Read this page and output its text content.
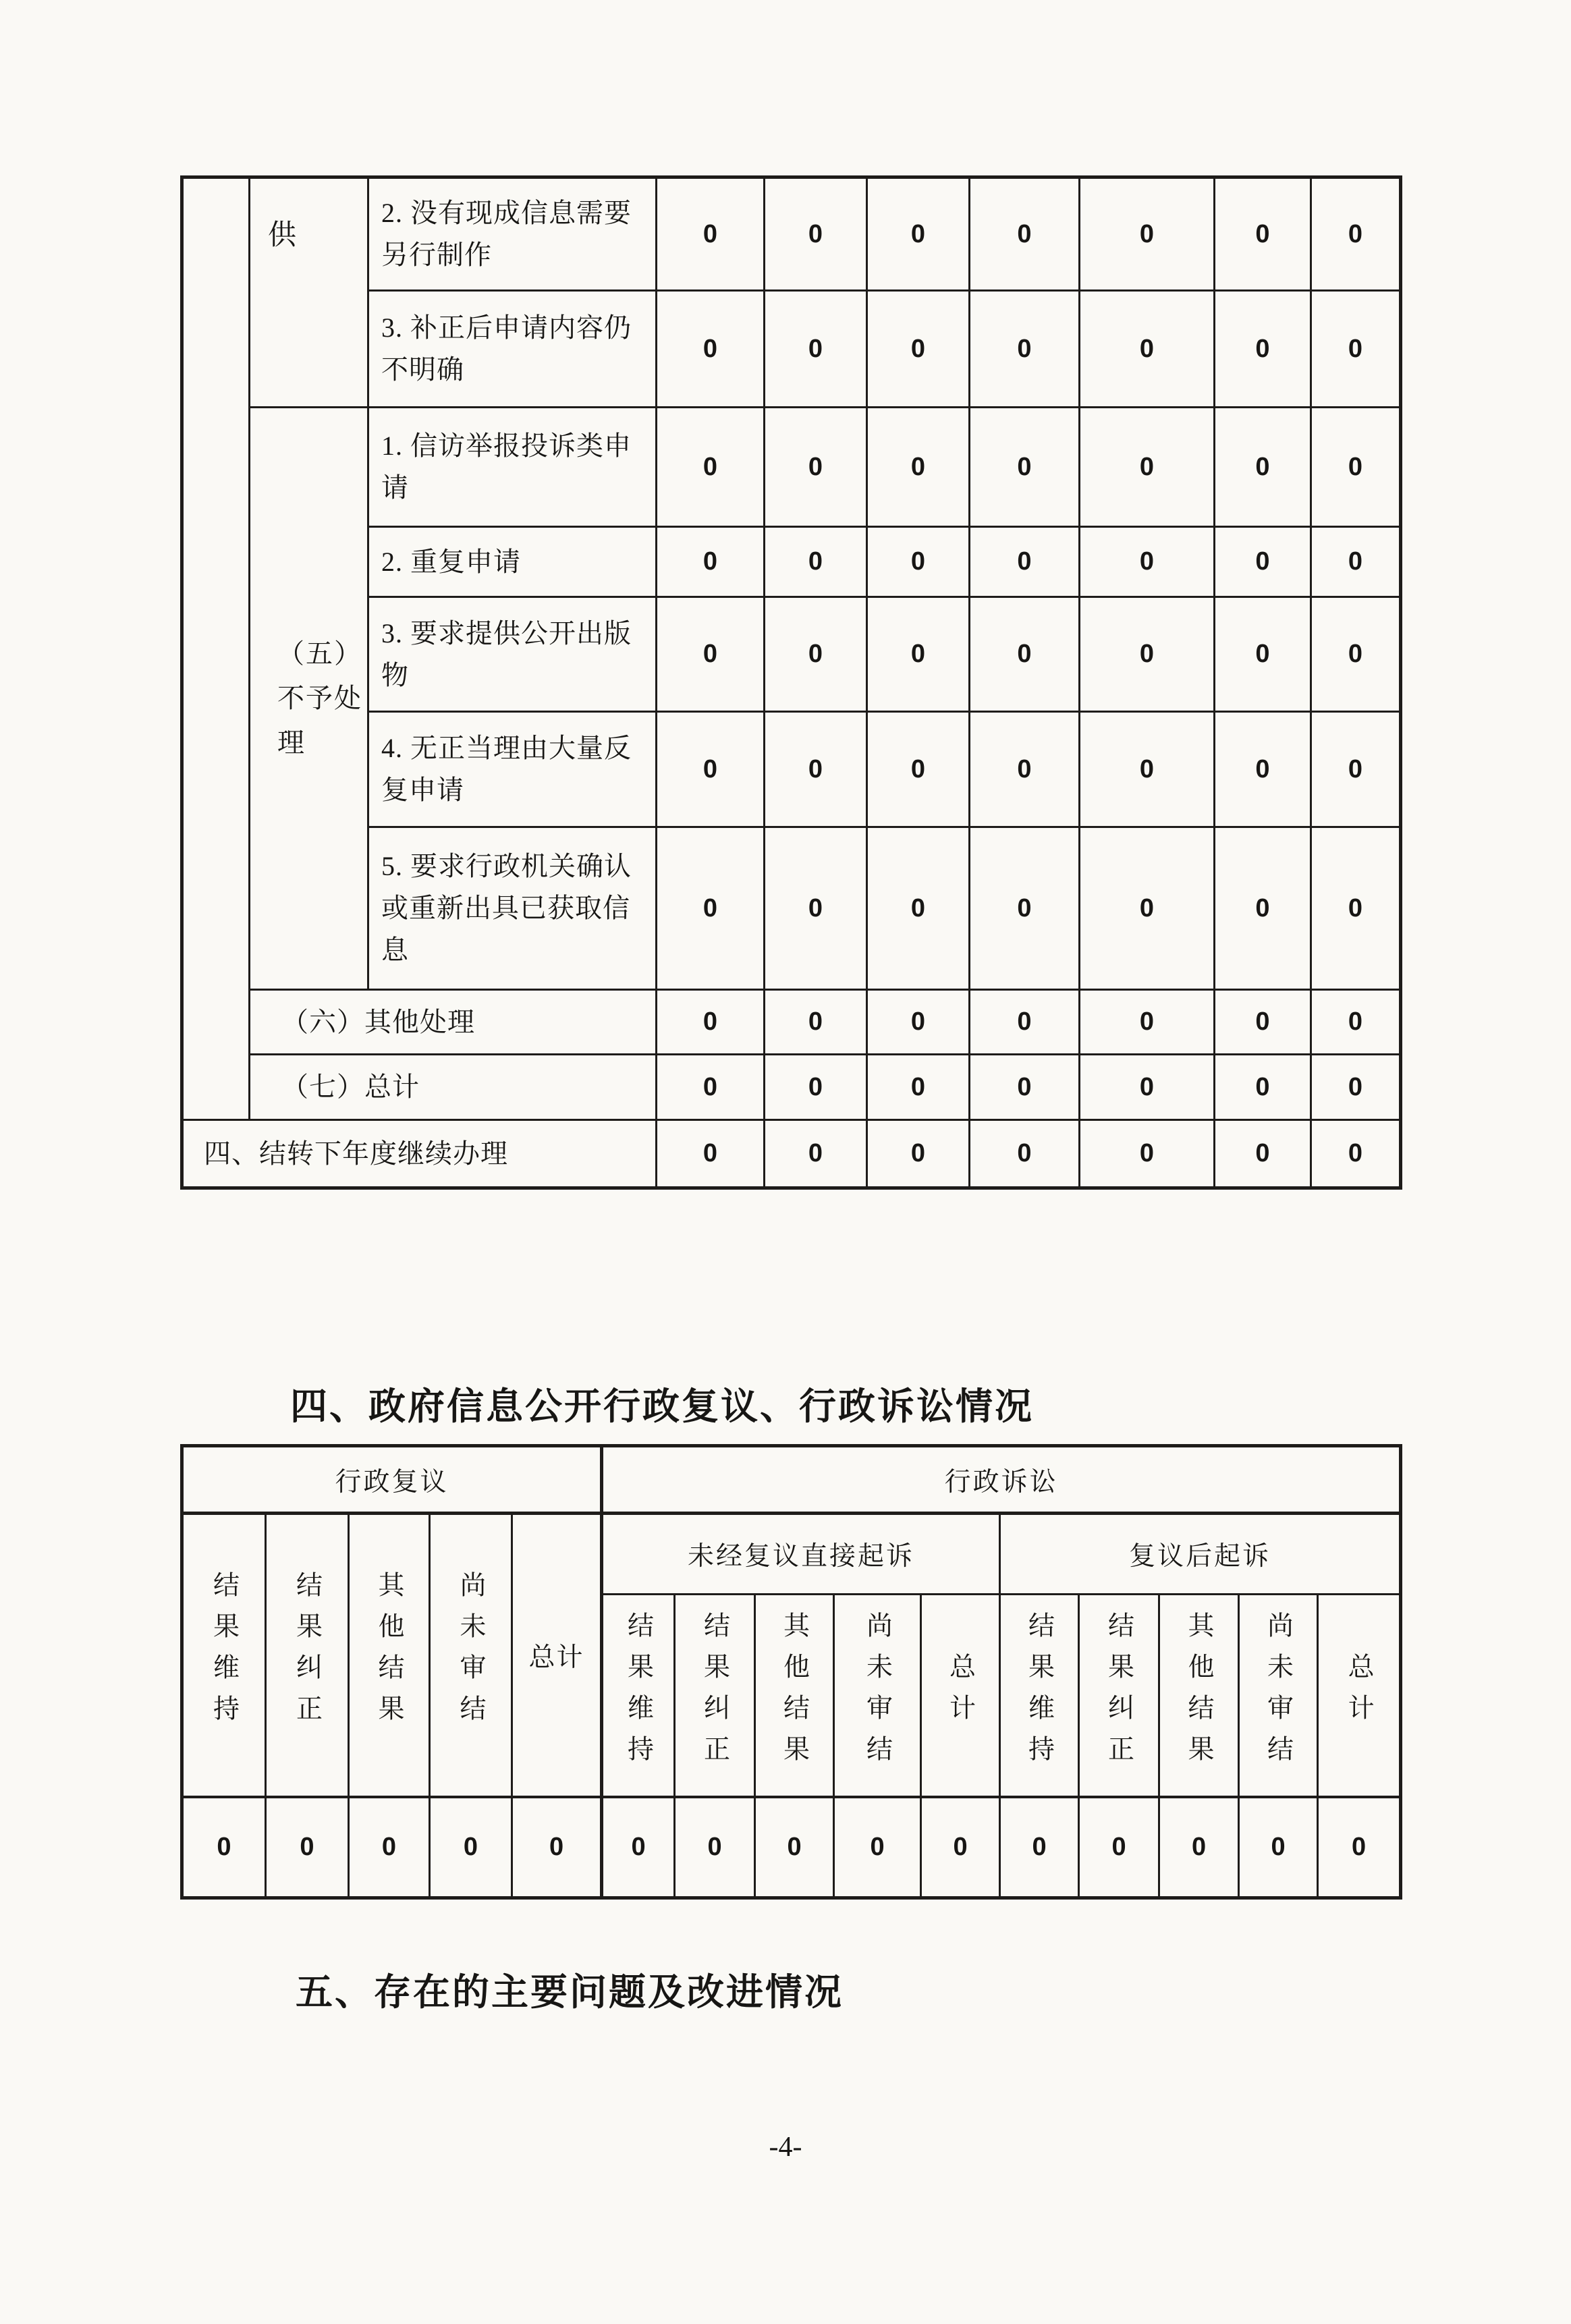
	供	2. 没有现成信息需要另行制作	0	0	0	0	0	0	0
		3. 补正后申请内容仍不明确	0	0	0	0	0	0	0

	（五）不予处理	1. 信访举报投诉类申请	0	0	0	0	0	0	0
		2. 重复申请	0	0	0	0	0	0	0
		3. 要求提供公开出版物	0	0	0	0	0	0	0
		4. 无正当理由大量反复申请	0	0	0	0	0	0	0
		5. 要求行政机关确认或重新出具已获取信息	0	0	0	0	0	0	0
	（六）其他处理		0	0	0	0	0	0	0
	（七）总计		0	0	0	0	0	0	0
四、结转下年度继续办理			0	0	0	0	0	0	0
四、政府信息公开行政复议、行政诉讼情况
行政复议					行政诉讼									
结果维持	结果纠正	其他结果	尚未审结	总计	未经复议直接起诉					复议后起诉				
					结果维持	结果纠正	其他结果	尚未审结	总计	结果维持	结果纠正	其他结果	尚未审结	总计
0	0	0	0	0	0	0	0	0	0	0	0	0	0	0
五、存在的主要问题及改进情况
-4-
